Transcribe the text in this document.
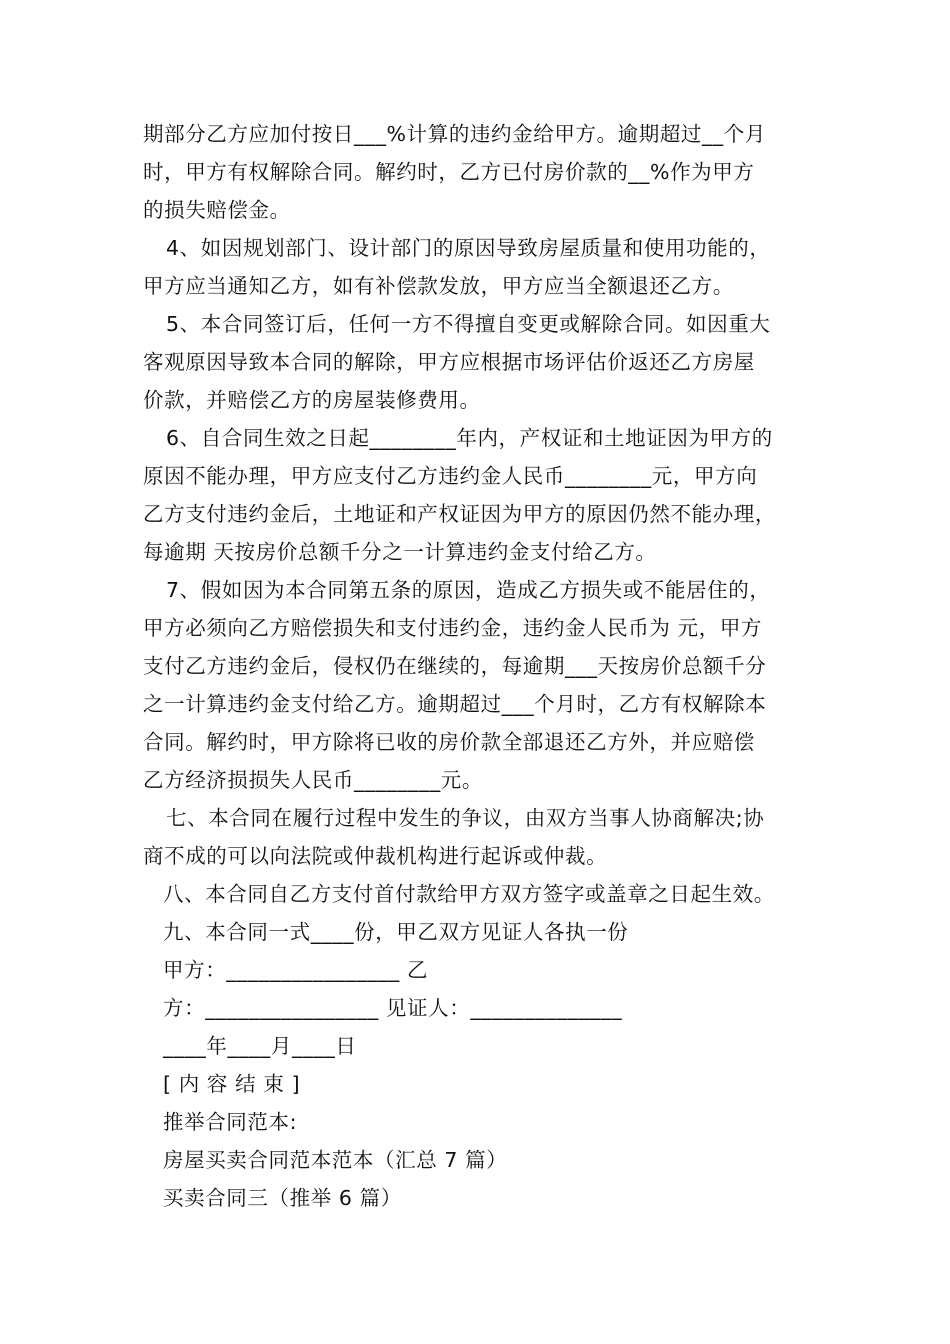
期部分乙方应加付按日___%计算的违约金给甲方。逾期超过__个月
时，甲方有权解除合同。解约时，乙方已付房价款的__%作为甲方
的损失赔偿金。
4、如因规划部门、设计部门的原因导致房屋质量和使用功能的，
甲方应当通知乙方，如有补偿款发放，甲方应当全额退还乙方。
5、本合同签订后，任何一方不得擅自变更或解除合同。如因重大
客观原因导致本合同的解除，甲方应根据市场评估价返还乙方房屋
价款，并赔偿乙方的房屋装修费用。
6、自合同生效之日起________年内，产权证和土地证因为甲方的
原因不能办理，甲方应支付乙方违约金人民币________元，甲方向
乙方支付违约金后，土地证和产权证因为甲方的原因仍然不能办理，
每逾期 天按房价总额千分之一计算违约金支付给乙方。
7、假如因为本合同第五条的原因，造成乙方损失或不能居住的，
甲方必须向乙方赔偿损失和支付违约金，违约金人民币为 元，甲方
支付乙方违约金后，侵权仍在继续的，每逾期___天按房价总额千分
之一计算违约金支付给乙方。逾期超过___个月时，乙方有权解除本
合同。解约时，甲方除将已收的房价款全部退还乙方外，并应赔偿
乙方经济损损失人民币________元。
七、本合同在履行过程中发生的争议，由双方当事人协商解决;协
商不成的可以向法院或仲裁机构进行起诉或仲裁。
八、本合同自乙方支付首付款给甲方双方签字或盖章之日起生效。
九、本合同一式____份，甲乙双方见证人各执一份
甲方：________________ 乙
方：________________ 见证人：______________
____年____月____日
[ 内 容 结 束 ]
推举合同范本:
房屋买卖合同范本范本（汇总 7 篇）
买卖合同三（推举 6 篇）
